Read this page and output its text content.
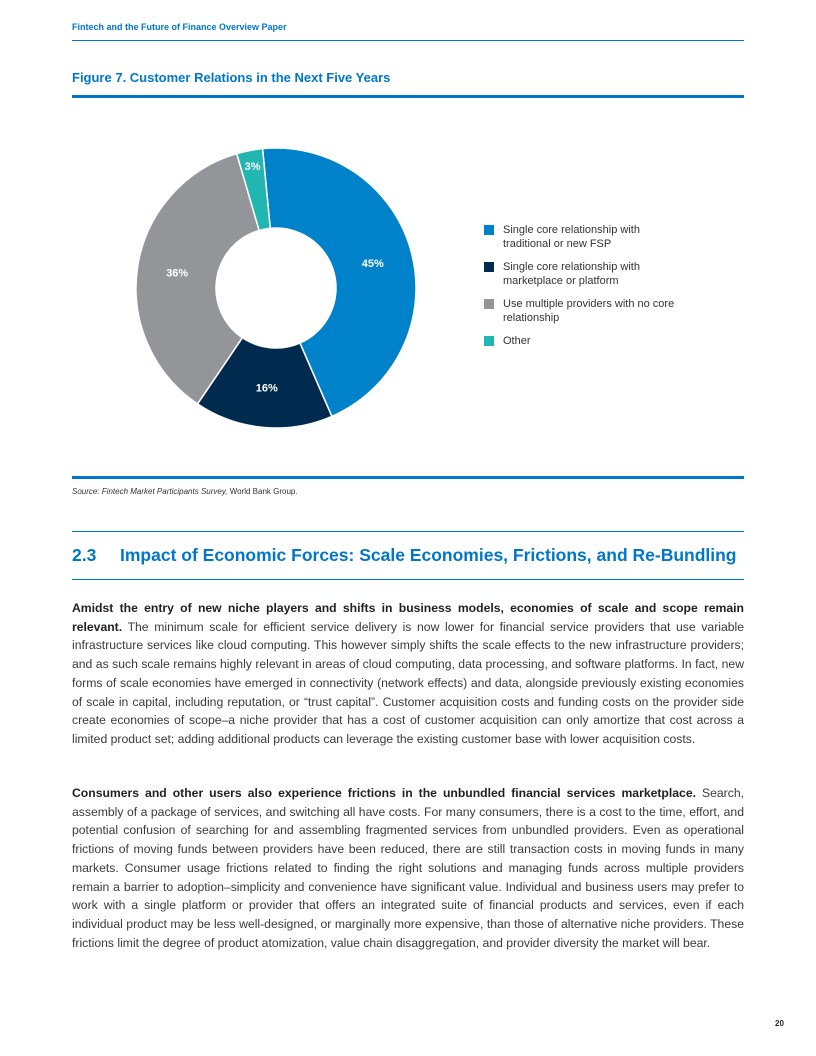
Fintech and the Future of Finance Overview Paper
Figure 7. Customer Relations in the Next Five Years
45%
16%
36%
3%
Single core relationship with traditional or new FSP
Single core relationship with marketplace or platform
Use multiple providers with no core relationship
Other
Source: Fintech Market Participants Survey, World Bank Group.
2.3 Impact of Economic Forces: Scale Economies, Frictions, and Re-Bundling

Amidst the entry of new niche players and shifts in business models, economies of scale and scope remain relevant. The minimum scale for efficient service delivery is now lower for financial service providers that use variable infrastructure services like cloud computing. This however simply shifts the scale effects to the new infrastructure providers; and as such scale remains highly relevant in areas of cloud computing, data processing, and software platforms. In fact, new forms of scale economies have emerged in connectivity (network effects) and data, alongside previously existing economies of scale in capital, including reputation, or “trust capital”. Customer acquisition costs and funding costs on the provider side create economies of scope–a niche provider that has a cost of customer acquisition can only amortize that cost across a limited product set; adding additional products can leverage the existing customer base with lower acquisition costs.

Consumers and other users also experience frictions in the unbundled financial services marketplace. Search, assembly of a package of services, and switching all have costs. For many consumers, there is a cost to the time, effort, and potential confusion of searching for and assembling fragmented services from unbundled providers. Even as operational frictions of moving funds between providers have been reduced, there are still transaction costs in moving funds in many markets. Consumer usage frictions related to finding the right solutions and managing funds across multiple providers remain a barrier to adoption–simplicity and convenience have significant value. Individual and business users may prefer to work with a single platform or provider that offers an integrated suite of financial products and services, even if each individual product may be less well-designed, or marginally more expensive, than those of alternative niche providers. These frictions limit the degree of product atomization, value chain disaggregation, and provider diversity the market will bear.

20
